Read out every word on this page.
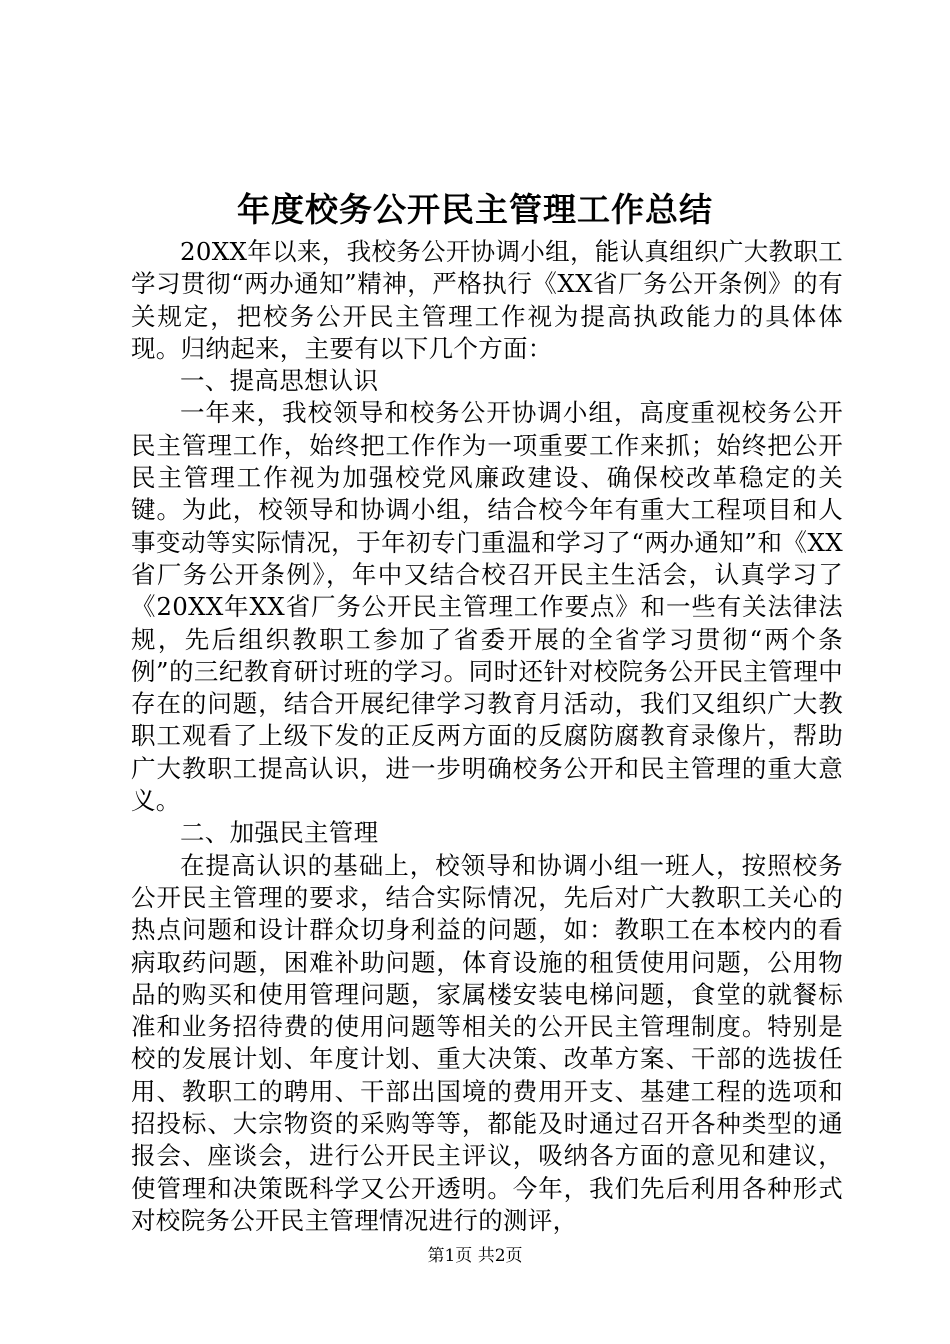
年度校务公开民主管理工作总结

20XX年以来，我校务公开协调小组，能认真组织广大教职工学习贯彻“两办通知”精神，严格执行《XX省厂务公开条例》的有关规定，把校务公开民主管理工作视为提高执政能力的具体体现。归纳起来，主要有以下几个方面：

一、提高思想认识

一年来，我校领导和校务公开协调小组，高度重视校务公开民主管理工作，始终把工作作为一项重要工作来抓；始终把公开民主管理工作视为加强校党风廉政建设、确保校改革稳定的关键。为此，校领导和协调小组，结合校今年有重大工程项目和人事变动等实际情况，于年初专门重温和学习了“两办通知”和《XX省厂务公开条例》，年中又结合校召开民主生活会，认真学习了《20XX年XX省厂务公开民主管理工作要点》和一些有关法律法规，先后组织教职工参加了省委开展的全省学习贯彻“两个条例”的三纪教育研讨班的学习。同时还针对校院务公开民主管理中存在的问题，结合开展纪律学习教育月活动，我们又组织广大教职工观看了上级下发的正反两方面的反腐防腐教育录像片，帮助广大教职工提高认识，进一步明确校务公开和民主管理的重大意义。

二、加强民主管理

在提高认识的基础上，校领导和协调小组一班人，按照校务公开民主管理的要求，结合实际情况，先后对广大教职工关心的热点问题和设计群众切身利益的问题，如：教职工在本校内的看病取药问题，困难补助问题，体育设施的租赁使用问题，公用物品的购买和使用管理问题，家属楼安装电梯问题，食堂的就餐标准和业务招待费的使用问题等相关的公开民主管理制度。特别是校的发展计划、年度计划、重大决策、改革方案、干部的选拔任用、教职工的聘用、干部出国境的费用开支、基建工程的选项和招投标、大宗物资的采购等等，都能及时通过召开各种类型的通报会、座谈会，进行公开民主评议，吸纳各方面的意见和建议，使管理和决策既科学又公开透明。今年，我们先后利用各种形式对校院务公开民主管理情况进行的测评，

第1页 共2页
